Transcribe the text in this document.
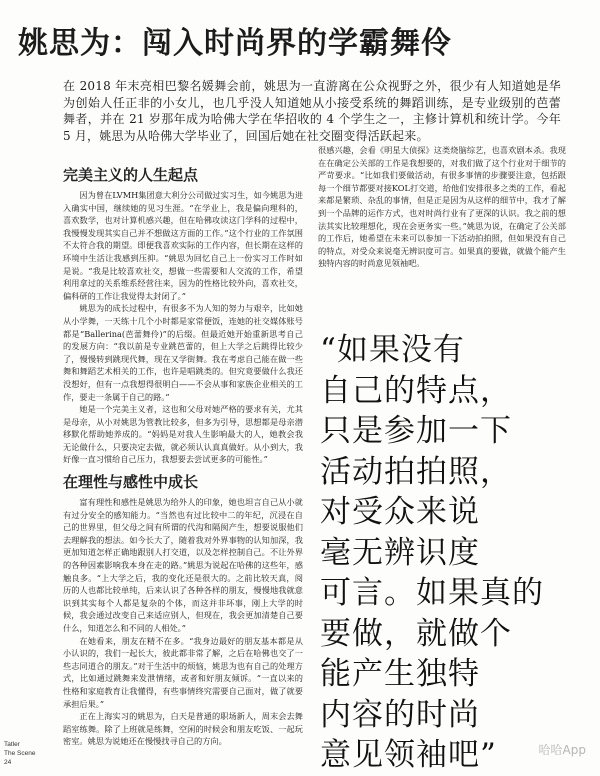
姚思为：闯入时尚界的学霸舞伶
在 2018 年末亮相巴黎名媛舞会前，姚思为一直游离在公众视野之外，很少有人知道她是华为创始人任正非的小女儿，也几乎没人知道她从小接受系统的舞蹈训练，是专业级别的芭蕾舞者，并在 21 岁那年成为哈佛大学在华招收的 4 个学生之一，主修计算机和统计学。今年 5 月，姚思为从哈佛大学毕业了，回国后她在社交圈变得活跃起来。
完美主义的人生起点

因为曾在LVMH集团意大利分公司做过实习生，如今姚思为进入确实中国，继续她的见习生涯。“在学业上，我是偏向理科的，喜欢数学，也对计算机感兴趣，但在哈佛攻读这门学科的过程中，我慢慢发现其实自己并不想做这方面的工作。”这个行业的工作氛围不太符合我的期望。即便我喜欢实际的工作内容，但长期在这样的环境中生活让我感到压抑。“姚思为回忆自己上一份实习工作时如是说。“我是比较喜欢社交，想做一些需要和人交流的工作，希望利用拿过的关系维系经营往来，因为的性格比较外向，喜欢社交，偏科研的工作让我觉得太封闭了。”

姚思为的成长过程中，有很多不为人知的努力与艰辛，比如她从小学舞，一天练十几个小时都是家常便饭，连她的社交媒体账号都是“Ballerina(芭蕾舞伶)”的后缀。但最近她开始重新思考自己的发展方向：“我以前是专业跳芭蕾的，但上大学之后跳得比较少了，慢慢转到跳现代舞，现在又学街舞。我在考虑自己能在做一些舞和舞蹈艺术相关的工作，也许是唱跳类的。但究竟要做什么我还没想好，但有一点我想得很明白——不会从事和家族企业相关的工作，要走一条属于自己的路。”

她是一个完美主义者，这也和父母对她严格的要求有关，尤其是母亲，从小对姚思为管教比较多，但多为引导，思想都是母亲潜移默化帮助她养成的。“妈妈是对我人生影响最大的人，她教会我无论做什么，只要决定去做，就必须认认真真做好。从小到大，我好像一直习惯给自己压力，我想要去尝试更多的可能性。”

在理性与感性中成长

富有理性和感性是姚思为给外人的印象，她也坦言自己从小就有过分安全的感知能力。“当然也有过比较中二的年纪，沉浸在自己的世界里，但父母之间有所谓的代沟和隔阂产生，想要说服他们去理解我的想法。如今长大了，随着我对外界事物的认知加深，我更加知道怎样正确地跟别人打交道，以及怎样控制自己。不让外界的各种因素影响我本身在走的路。”姚思为说起在哈佛的这些年，感触良多。“上大学之后，我的变化还是很大的。之前比较天真，阅历的人也都比较单纯，后来认识了各种各样的朋友，慢慢地我就意识到其实每个人都是复杂的个体，而这并非坏事，刚上大学的时候，我会通过改变自己来适应别人，但现在，我会更加清楚自己要什么，知道怎么和不同的人相处。”

在她看来，朋友在精不在多。“我身边最好的朋友基本都是从小认识的，我们一起长大，彼此都非常了解，之后在哈佛也交了一些志同道合的朋友。”对于生活中的烦恼，姚思为也有自己的处理方式，比如通过跳舞来发泄情绪，或者和好朋友倾诉。“一直以来的性格和家庭教育让我懂得，有些事情终究需要自己面对，做了就要承担后果。”

正在上海实习的姚思为，白天是普通的职场新人，周末会去舞蹈室练舞。除了上班就是练舞，空闲的时候会和朋友吃饭、一起玩密室。姚思为说她还在慢慢找寻自己的方向。

很感兴趣，会看《明星大侦探》这类烧脑综艺，也喜欢剧本杀。我现在在确定公关部的工作是我想要的，对我们做了这个行业对于细节的严苛要求。“比如我们要做活动，有很多事情的步骤要注意，包括跟每一个细节都要对接KOL打交道，给他们安排很多之类的工作，看起来都是繁琐、杂乱的事情，但是正是因为从这样的细节中，我才了解到一个品牌的运作方式，也对时尚行业有了更深的认识。我之前的想法其实比较理想化，现在会更务实一些。”姚思为说，在确定了公关部的工作后，她希望在未来可以参加一下活动拍拍照，但如果没有自己的特点，对受众来说毫无辨识度可言。如果真的要做，就做个能产生独特内容的时尚意见领袖吧。

“如果没有
自己的特点，
只是参加一下
活动拍拍照，
对受众来说
毫无辨识度
可言。如果真的
要做，就做个
能产生独特
内容的时尚
意见领袖吧”
Tatler
The Scene
24
哈哈App
